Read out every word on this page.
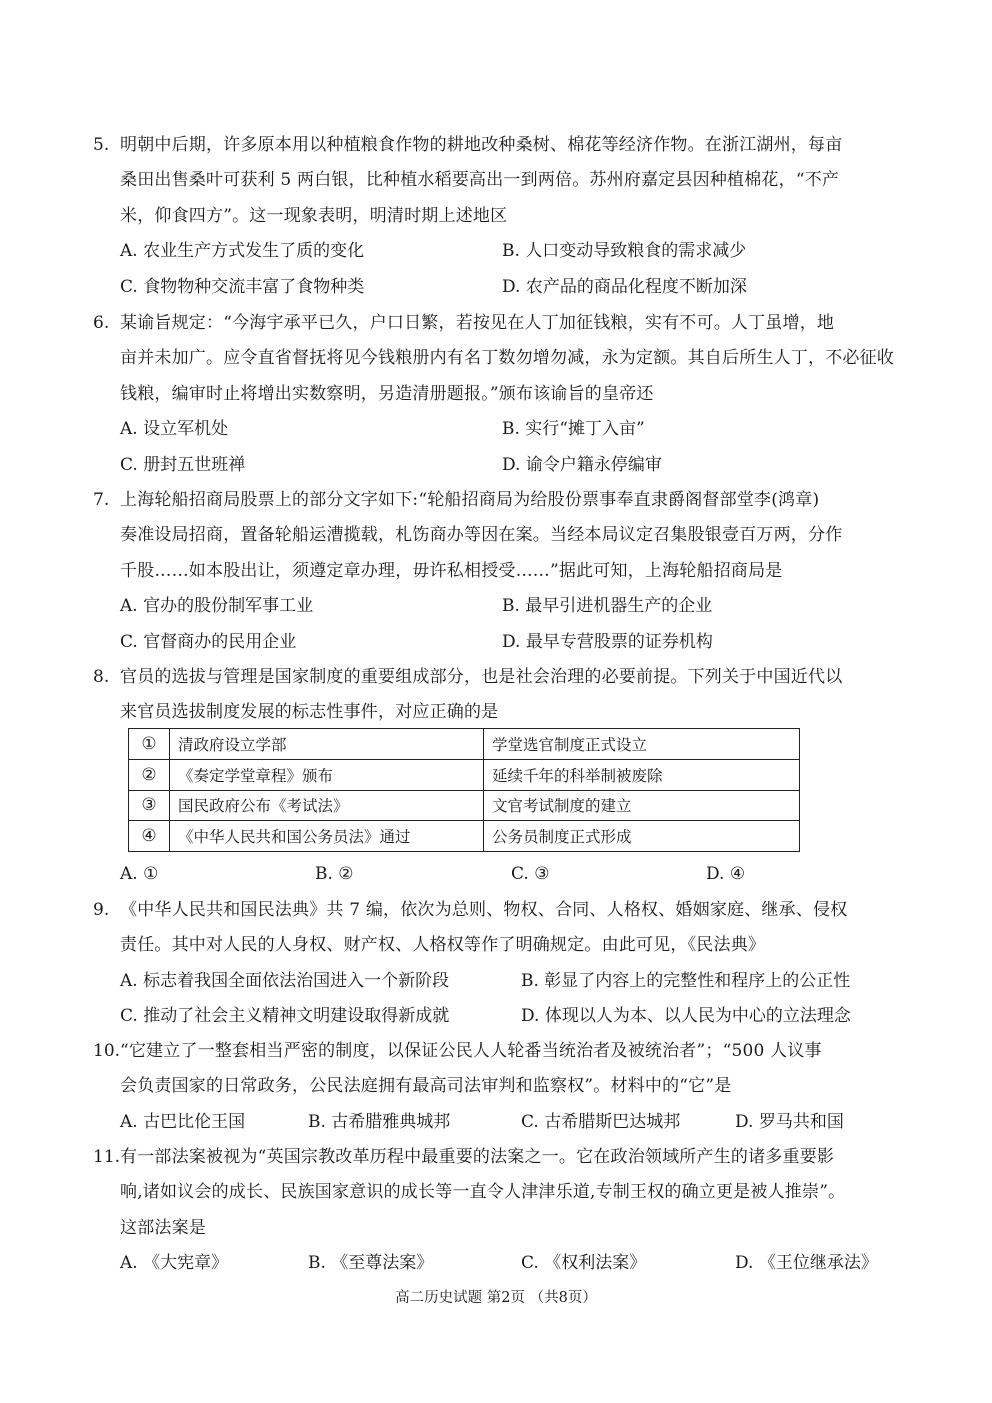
5. 明朝中后期，许多原本用以种植粮食作物的耕地改种桑树、棉花等经济作物。在浙江湖州，每亩
桑田出售桑叶可获利 5 两白银，比种植水稻要高出一到两倍。苏州府嘉定县因种植棉花，“不产
米，仰食四方”。这一现象表明，明清时期上述地区
A. 农业生产方式发生了质的变化	B. 人口变动导致粮食的需求减少
C. 食物物种交流丰富了食物种类	D. 农产品的商品化程度不断加深
6. 某谕旨规定：“今海宇承平已久，户口日繁，若按见在人丁加征钱粮，实有不可。人丁虽增，地
亩并未加广。应令直省督抚将见今钱粮册内有名丁数勿增勿减，永为定额。其自后所生人丁，不必征收
钱粮，编审时止将增出实数察明，另造清册题报。”颁布该谕旨的皇帝还
A. 设立军机处	B. 实行“摊丁入亩”
C. 册封五世班禅	D. 谕令户籍永停编审
7. 上海轮船招商局股票上的部分文字如下:“轮船招商局为给股份票事奉直隶爵阁督部堂李(鸿章)
奏准设局招商，置备轮船运漕揽载，札饬商办等因在案。当经本局议定召集股银壹百万两，分作
千股……如本股出让，须遵定章办理，毋许私相授受……”据此可知，上海轮船招商局是
A. 官办的股份制军事工业	B. 最早引进机器生产的企业
C. 官督商办的民用企业	D. 最早专营股票的证券机构
8. 官员的选拔与管理是国家制度的重要组成部分，也是社会治理的必要前提。下列关于中国近代以
来官员选拔制度发展的标志性事件，对应正确的是
①	清政府设立学部	学堂选官制度正式设立
②	《奏定学堂章程》颁布	延续千年的科举制被废除
③	国民政府公布《考试法》	文官考试制度的建立
④	《中华人民共和国公务员法》通过	公务员制度正式形成
A. ①	B. ②	C. ③	D. ④
9. 《中华人民共和国民法典》共 7 编，依次为总则、物权、合同、人格权、婚姻家庭、继承、侵权
责任。其中对人民的人身权、财产权、人格权等作了明确规定。由此可见，《民法典》
A. 标志着我国全面依法治国进入一个新阶段	B. 彰显了内容上的完整性和程序上的公正性
C. 推动了社会主义精神文明建设取得新成就	D. 体现以人为本、以人民为中心的立法理念
10. “它建立了一整套相当严密的制度，以保证公民人人轮番当统治者及被统治者”；“500 人议事
会负责国家的日常政务，公民法庭拥有最高司法审判和监察权”。材料中的“它”是
A. 古巴比伦王国	B. 古希腊雅典城邦	C. 古希腊斯巴达城邦	D. 罗马共和国
11. 有一部法案被视为“英国宗教改革历程中最重要的法案之一。它在政治领域所产生的诸多重要影
响,诸如议会的成长、民族国家意识的成长等一直令人津津乐道,专制王权的确立更是被人推崇”。
这部法案是
A. 《大宪章》	B. 《至尊法案》	C. 《权利法案》	D. 《王位继承法》
高二历史试题 第2页 （共8页）
